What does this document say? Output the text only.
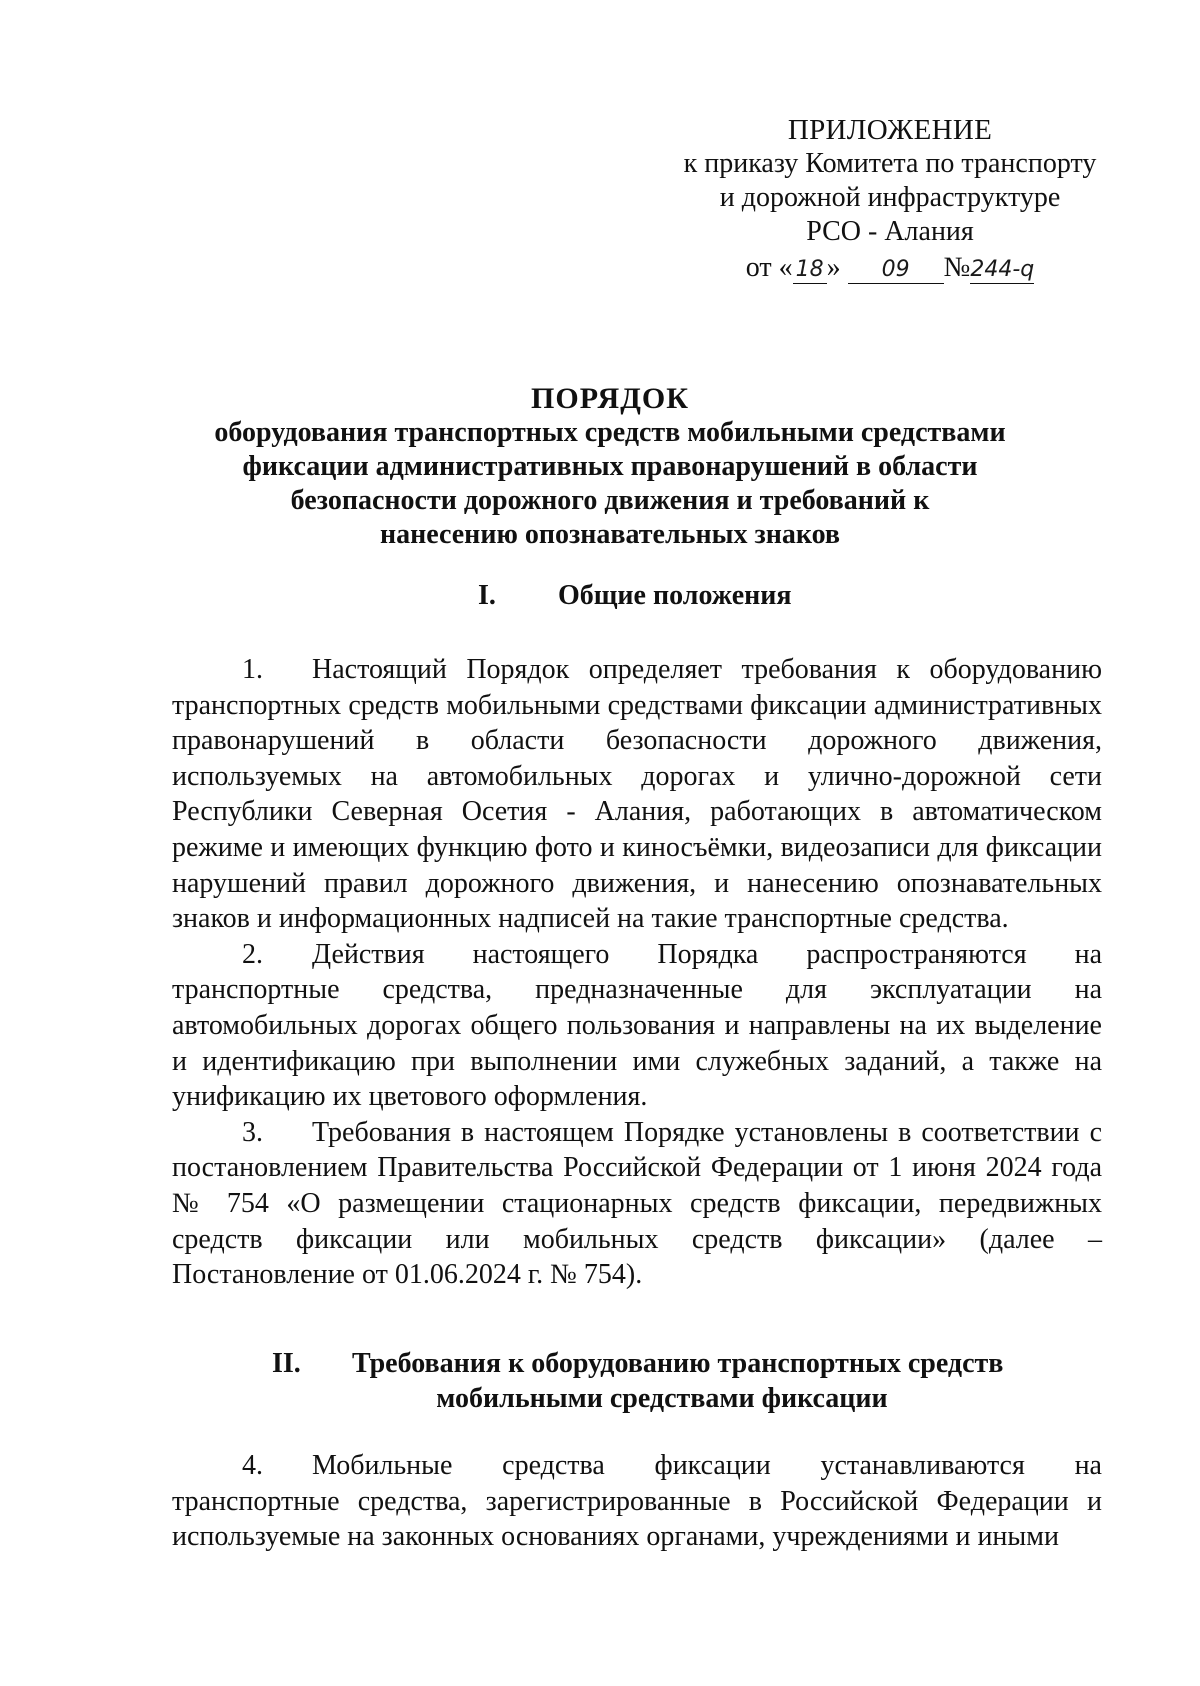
ПРИЛОЖЕНИЕ
к приказу Комитета по транспорту
и дорожной инфраструктуре
РСО - Алания
от « 18 » 09 №244-q
ПОРЯДОК
оборудования транспортных средств мобильными средствами
фиксации административных правонарушений в области
безопасности дорожного движения и требований к
нанесению опознавательных знаков
I. Общие положения

1. Настоящий Порядок определяет требования к оборудованию транспортных средств мобильными средствами фиксации административных правонарушений в области безопасности дорожного движения, используемых на автомобильных дорогах и улично-дорожной сети Республики Северная Осетия - Алания, работающих в автоматическом режиме и имеющих функцию фото и киносъёмки, видеозаписи для фиксации нарушений правил дорожного движения, и нанесению опознавательных знаков и информационных надписей на такие транспортные средства.

2. Действия настоящего Порядка распространяются на транспортные средства, предназначенные для эксплуатации на автомобильных дорогах общего пользования и направлены на их выделение и идентификацию при выполнении ими служебных заданий, а также на унификацию их цветового оформления.

3. Требования в настоящем Порядке установлены в соответствии с постановлением Правительства Российской Федерации от 1 июня 2024 года № 754 «О размещении стационарных средств фиксации, передвижных средств фиксации или мобильных средств фиксации» (далее – Постановление от 01.06.2024 г. № 754).

II. Требования к оборудованию транспортных средств
мобильными средствами фиксации

4. Мобильные средства фиксации устанавливаются на транспортные средства, зарегистрированные в Российской Федерации и используемые на законных основаниях органами, учреждениями и иными
